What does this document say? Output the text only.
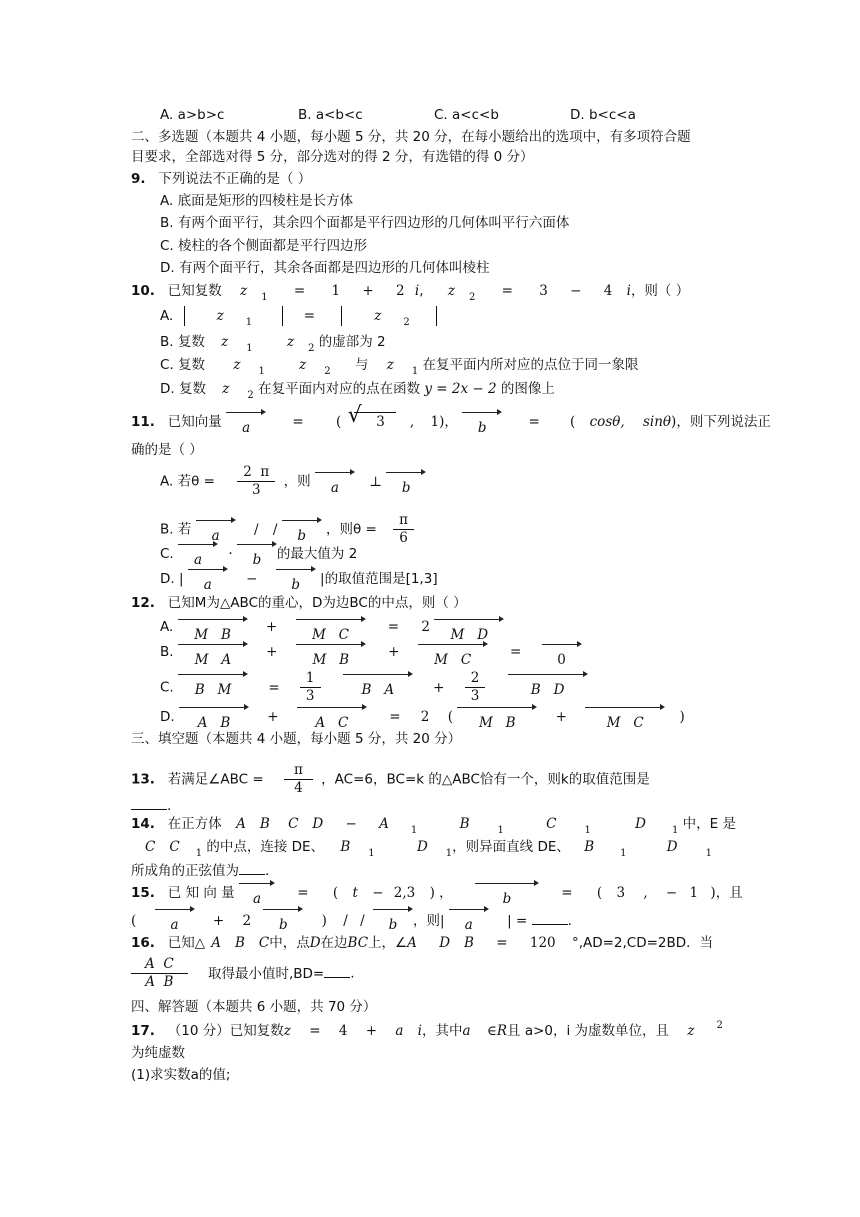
A. a>b>c	B. a<b<c	C. a<c<b	D. b<c<a
二、多选题（本题共 4 小题，每小题 5 分，共 20 分，在每小题给出的选项中，有多项符合题
目要求，全部选对得 5 分，部分选对的得 2 分，有选错的得 0 分）
9. 下列说法不正确的是（ ）
A. 底面是矩形的四棱柱是长方体
B. 有两个面平行，其余四个面都是平行四边形的几何体叫平行六面体
C. 棱柱的各个侧面都是平行四边形
D. 有两个面平行，其余各面都是四边形的几何体叫棱柱
10. 已知复数 z $_1$ = 1 + 2 i, z $_2$ = 3 − 4 i，则（ ）
A.	z $_1$	=	z $_2$
B. 复数 z $_1$	z $_2$ 的虚部为 2
C. 复数 z $_1$	z $_2$ 与 z $_1$ 在复平面内所对应的点位于同一象限
D. 复数 z $_2$ 在复平面内对应的点在函数 y = 2x − 2 的图像上
11. 已知向量 a	= ( √	3 , 1)， b	= ( cosθ, sinθ)，则下列说法正
确的是（ ）
A. 若$\theta = \frac{2 \pi}{3}$ ，则 a ⊥ b
B. 若 a	/ / b ，则$\theta = \frac{\pi}{6}$
C. a · b 的最大值为 2
D. | a	−	b |的取值范围是[1,3]
12. 已知M为△ABC的重心，D为边BC的中点，则（ ）
A. M   B	+	M   C	= 2 M   D
B. M   A	+	M   B	+	M   C	=	0
C. B   M	= $\frac{1}{3}$	B   A	+ $\frac{2}{3}$	B   D
D. A   B	+	A   C	= 2 ( M   B	+	M   C	)
三、填空题（本题共 4 小题，每小题 5 分，共 20 分）
13. 若满足∠ABC = $\frac{\pi}{4}$ ，AC=6，BC=k 的△ABC恰有一个，则k的取值范围是
.
14.   在正方体 A B C D − A $_1$	B	$_1$	C	$_1$	D	$_1$ 中，E 是
C C $_1$ 的中点，连接 DE、 B $_1$	D $_1$，则异面直线 DE、 B	$_1$	D	$_1$
所成角的正弦值为 .
15. 已 知 向 量 a	= ( t − 2,3 ) ，	b	= ( 3 , − 1 )，且
(	a	+ 2 b	) / / b ，则| a	| =	.
16.   已知△ A B C中，点D在边BC上，∠A D B = 120 °,AD=2,CD=2BD．当
$\frac{\text{A  C}}{\text{A  B}}$ 取得最小值时,BD= .
四、解答题（本题共 6 小题，共 70 分）
17. （10 分）已知复数z = 4 + a i，其中a ∈R且 a>0，i 为虚数单位，且 z $^2$
为纯虚数
(1)求实数a的值;
